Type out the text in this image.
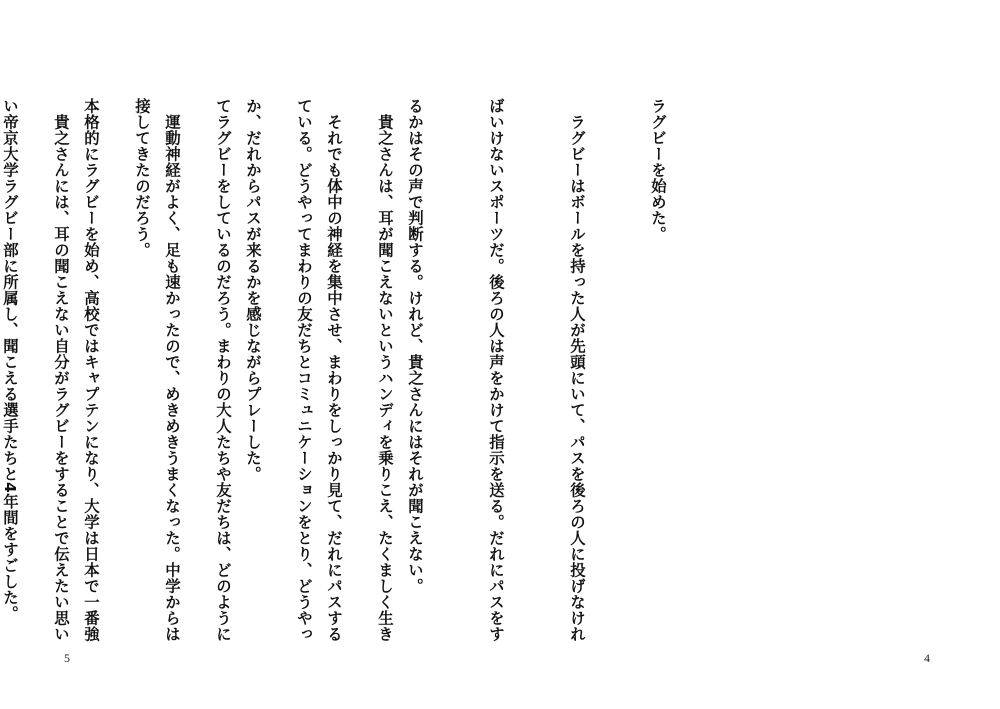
　貴之さんは、耳が聞こえないというハンディを乗りこえ、たくましく生き

ている。どうやってまわりの友だちとコミュニケーションをとり、どうやっ

てラグビーをしているのだろう。まわりの大人たちや友だちは、どのように

接してきたのだろう。

　貴之さんには、耳の聞こえない自分がラグビーをすることで伝えたい思い

5

ラグビーを始めた。

　ラグビーはボールを持った人が先頭にいて、パスを後ろの人に投げなけれ

ばいけないスポーツだ。後ろの人は声をかけて指示を送る。だれにパスをす

るかはその声で判断する。けれど、貴之さんにはそれが聞こえない。

　それでも体中の神経を集中させ、まわりをしっかり見て、だれにパスする

か、だれからパスが来るかを感じながらプレーした。

　運動神経がよく、足も速かったので、めきめきうまくなった。中学からは

本格的にラグビーを始め、高校ではキャプテンになり、大学は日本で一番強

い帝京大学ラグビー部に所属し、聞こえる選手たちと4年間をすごした。

4
